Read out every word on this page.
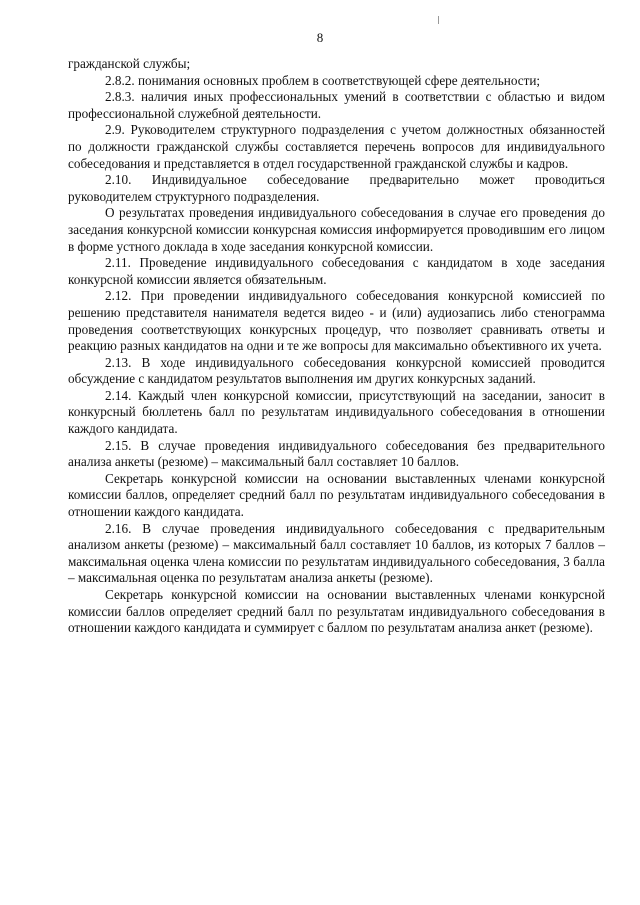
8

гражданской службы;

2.8.2. понимания основных проблем в соответствующей сфере деятельности;

2.8.3. наличия иных профессиональных умений в соответствии с областью и видом профессиональной служебной деятельности.

2.9. Руководителем структурного подразделения с учетом должностных обязанностей по должности гражданской службы составляется перечень вопросов для индивидуального собеседования и представляется в отдел государственной гражданской службы и кадров.

2.10. Индивидуальное собеседование предварительно может проводиться руководителем структурного подразделения.

О результатах проведения индивидуального собеседования в случае его проведения до заседания конкурсной комиссии конкурсная комиссия информируется проводившим его лицом в форме устного доклада в ходе заседания конкурсной комиссии.

2.11. Проведение индивидуального собеседования с кандидатом в ходе заседания конкурсной комиссии является обязательным.

2.12. При проведении индивидуального собеседования конкурсной комиссией по решению представителя нанимателя ведется видео - и (или) аудиозапись либо стенограмма проведения соответствующих конкурсных процедур, что позволяет сравнивать ответы и реакцию разных кандидатов на одни и те же вопросы для максимально объективного их учета.

2.13. В ходе индивидуального собеседования конкурсной комиссией проводится обсуждение с кандидатом результатов выполнения им других конкурсных заданий.

2.14. Каждый член конкурсной комиссии, присутствующий на заседании, заносит в конкурсный бюллетень балл по результатам индивидуального собеседования в отношении каждого кандидата.

2.15. В случае проведения индивидуального собеседования без предварительного анализа анкеты (резюме) – максимальный балл составляет 10 баллов.

Секретарь конкурсной комиссии на основании выставленных членами конкурсной комиссии баллов, определяет средний балл по результатам индивидуального собеседования в отношении каждого кандидата.

2.16. В случае проведения индивидуального собеседования с предварительным анализом анкеты (резюме) – максимальный балл составляет 10 баллов, из которых 7 баллов – максимальная оценка члена комиссии по результатам индивидуального собеседования, 3 балла – максимальная оценка по результатам анализа анкеты (резюме).

Секретарь конкурсной комиссии на основании выставленных членами конкурсной комиссии баллов определяет средний балл по результатам индивидуального собеседования в отношении каждого кандидата и суммирует с баллом по результатам анализа анкет (резюме).
